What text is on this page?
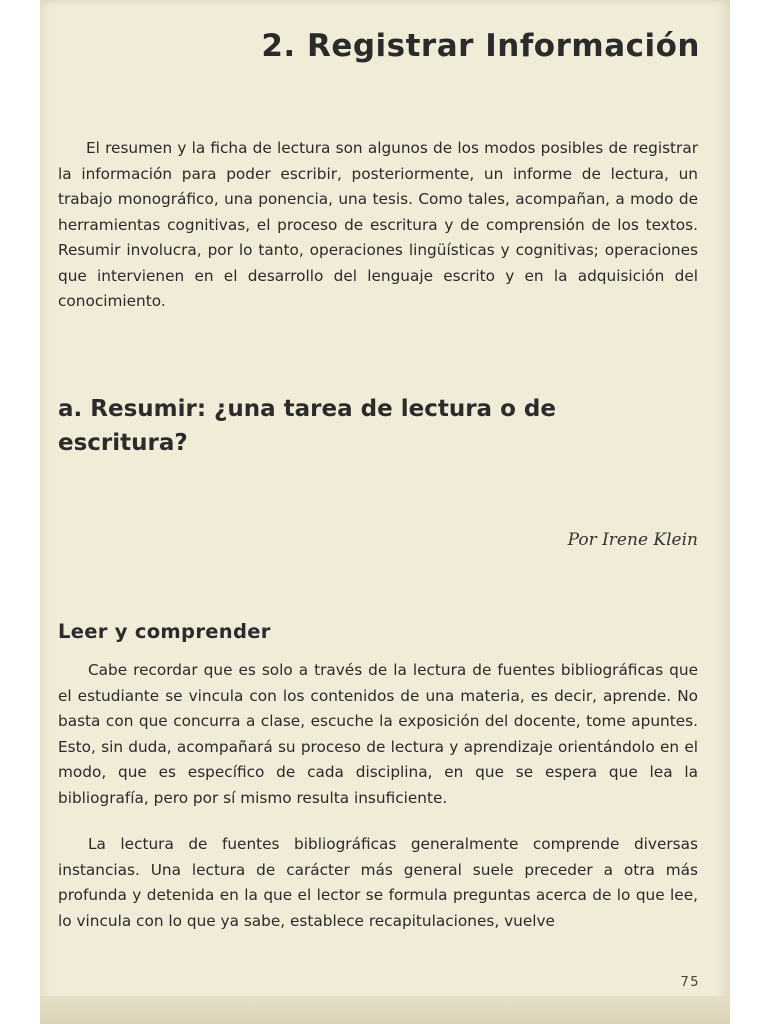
2. Registrar Información

El resumen y la ficha de lectura son algunos de los modos posibles de registrar la información para poder escribir, posteriormente, un informe de lectura, un trabajo monográfico, una ponencia, una tesis. Como tales, acompañan, a modo de herramientas cognitivas, el proceso de escritura y de comprensión de los textos. Resumir involucra, por lo tanto, operaciones lingüísticas y cognitivas; operaciones que intervienen en el desarrollo del lenguaje escrito y en la adquisición del conocimiento.

a. Resumir: ¿una tarea de lectura o de escritura?

Por Irene Klein

Leer y comprender

Cabe recordar que es solo a través de la lectura de fuentes bibliográficas que el estudiante se vincula con los contenidos de una materia, es decir, aprende. No basta con que concurra a clase, escuche la exposición del docente, tome apuntes. Esto, sin duda, acompañará su proceso de lectura y aprendizaje orientándolo en el modo, que es específico de cada disciplina, en que se espera que lea la bibliografía, pero por sí mismo resulta insuficiente.

La lectura de fuentes bibliográficas generalmente comprende diversas instancias. Una lectura de carácter más general suele preceder a otra más profunda y detenida en la que el lector se formula preguntas acerca de lo que lee, lo vincula con lo que ya sabe, establece recapitulaciones, vuelve

75
